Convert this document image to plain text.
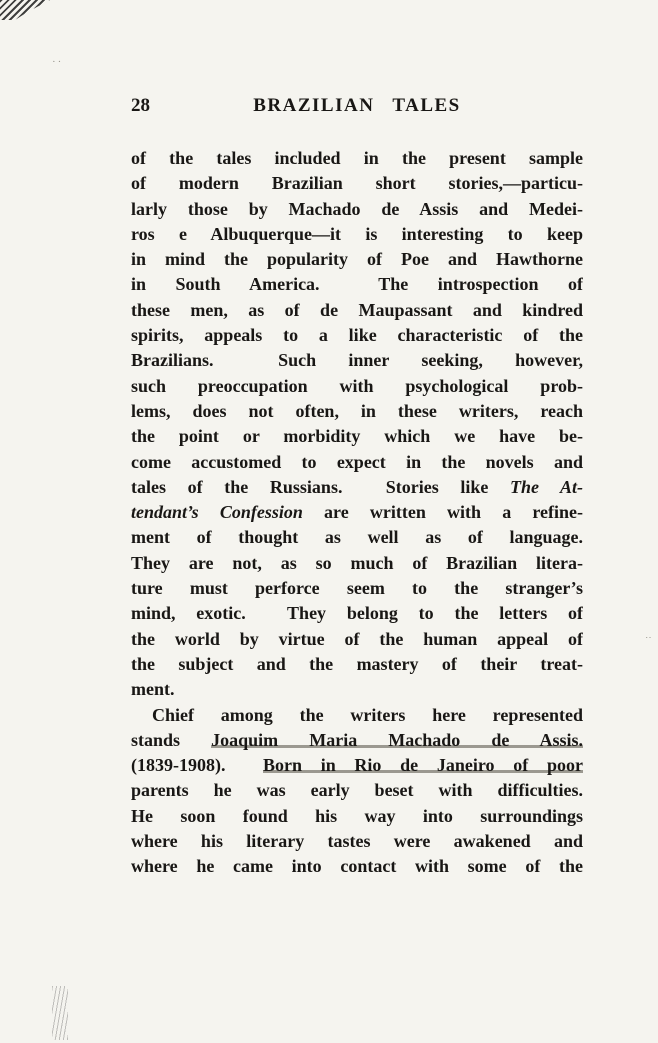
··
‥
28	BRAZILIAN TALES
of the tales included in the present sample
of modern Brazilian short stories,—particu-
larly those by Machado de Assis and Medei-
ros e Albuquerque—it is interesting to keep
in mind the popularity of Poe and Hawthorne
in South America.  The introspection of
these men, as of de Maupassant and kindred
spirits, appeals to a like characteristic of the
Brazilians.  Such inner seeking, however,
such preoccupation with psychological prob-
lems, does not often, in these writers, reach
the point or morbidity which we have be-
come accustomed to expect in the novels and
tales of the Russians.  Stories like The At-
tendant’s Confession are written with a refine-
ment of thought as well as of language.
They are not, as so much of Brazilian litera-
ture must perforce seem to the stranger’s
mind, exotic.  They belong to the letters of
the world by virtue of the human appeal of
the subject and the mastery of their treat-
ment.
Chief among the writers here represented
stands Joaquim Maria Machado de Assis.
(1839-1908).  Born in Rio de Janeiro of poor
parents he was early beset with difficulties.
He soon found his way into surroundings
where his literary tastes were awakened and
where he came into contact with some of the
